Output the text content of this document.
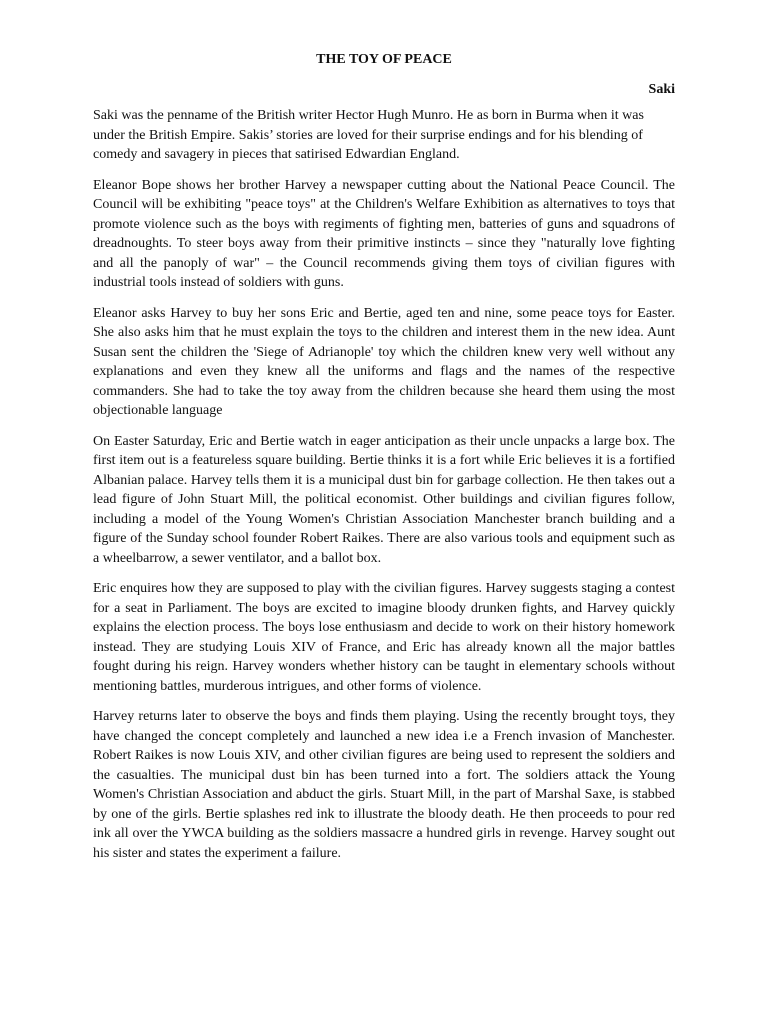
THE TOY OF PEACE
Saki

Saki was the penname of the British writer Hector Hugh Munro. He as born in Burma when it was under the British Empire. Sakis’ stories are loved for their surprise endings and for his blending of comedy and savagery in pieces that satirised Edwardian England.

Eleanor Bope shows her brother Harvey a newspaper cutting about the National Peace Council. The Council will be exhibiting "peace toys" at the Children's Welfare Exhibition as alternatives to toys that promote violence such as the boys with regiments of fighting men, batteries of guns and squadrons of dreadnoughts. To steer boys away from their primitive instincts – since they "naturally love fighting and all the panoply of war" – the Council recommends giving them toys of civilian figures with industrial tools instead of soldiers with guns.

Eleanor asks Harvey to buy her sons Eric and Bertie, aged ten and nine, some peace toys for Easter. She also asks him that he must explain the toys to the children and interest them in the new idea. Aunt Susan sent the children the 'Siege of Adrianople' toy which the children knew very well without any explanations and even they knew all the uniforms and flags and the names of the respective commanders. She had to take the toy away from the children because she heard them using the most objectionable language

On Easter Saturday, Eric and Bertie watch in eager anticipation as their uncle unpacks a large box. The first item out is a featureless square building. Bertie thinks it is a fort while Eric believes it is a fortified Albanian palace. Harvey tells them it is a municipal dust bin for garbage collection. He then takes out a lead figure of John Stuart Mill, the political economist. Other buildings and civilian figures follow, including a model of the Young Women's Christian Association Manchester branch building and a figure of the Sunday school founder Robert Raikes. There are also various tools and equipment such as a wheelbarrow, a sewer ventilator, and a ballot box.

Eric enquires how they are supposed to play with the civilian figures. Harvey suggests staging a contest for a seat in Parliament. The boys are excited to imagine bloody drunken fights, and Harvey quickly explains the election process. The boys lose enthusiasm and decide to work on their history homework instead. They are studying Louis XIV of France, and Eric has already known all the major battles fought during his reign. Harvey wonders whether history can be taught in elementary schools without mentioning battles, murderous intrigues, and other forms of violence.

Harvey returns later to observe the boys and finds them playing. Using the recently brought toys, they have changed the concept completely and launched a new idea i.e a French invasion of Manchester. Robert Raikes is now Louis XIV, and other civilian figures are being used to represent the soldiers and the casualties. The municipal dust bin has been turned into a fort. The soldiers attack the Young Women's Christian Association and abduct the girls. Stuart Mill, in the part of Marshal Saxe, is stabbed by one of the girls. Bertie splashes red ink to illustrate the bloody death. He then proceeds to pour red ink all over the YWCA building as the soldiers massacre a hundred girls in revenge. Harvey sought out his sister and states the experiment a failure.
